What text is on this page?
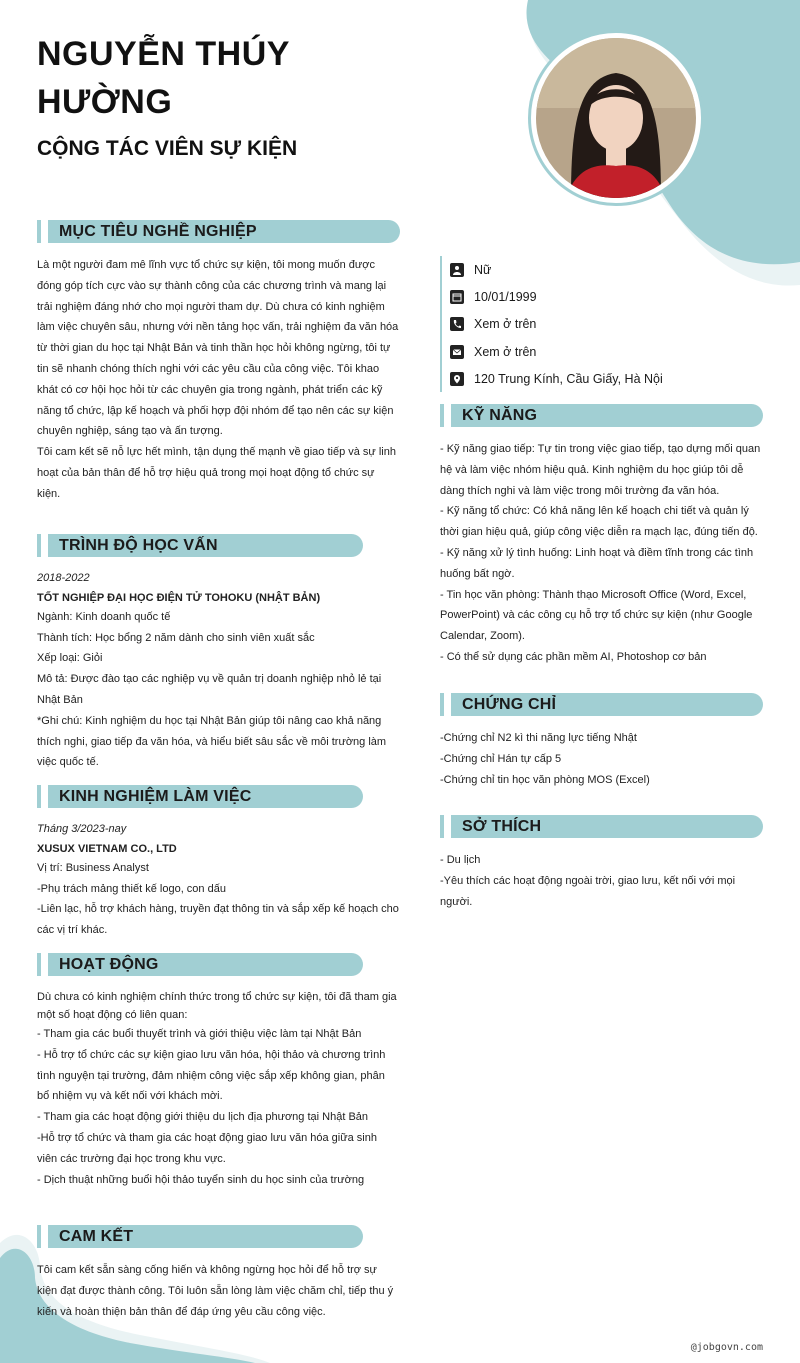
NGUYỄN THÚY
HƯỜNG
CỘNG TÁC VIÊN SỰ KIỆN
Nữ
10/01/1999
Xem ở trên
Xem ở trên
120 Trung Kính, Cầu Giấy, Hà Nội
MỤC TIÊU NGHỀ NGHIỆP
Là một người đam mê lĩnh vực tổ chức sự kiện, tôi mong muốn được
đóng góp tích cực vào sự thành công của các chương trình và mang lại
trải nghiệm đáng nhớ cho mọi người tham dự. Dù chưa có kinh nghiệm
làm việc chuyên sâu, nhưng với nền tảng học vấn, trải nghiệm đa văn hóa
từ thời gian du học tại Nhật Bản và tinh thần học hỏi không ngừng, tôi tự
tin sẽ nhanh chóng thích nghi với các yêu cầu của công việc. Tôi khao
khát có cơ hội học hỏi từ các chuyên gia trong ngành, phát triển các kỹ
năng tổ chức, lập kế hoạch và phối hợp đội nhóm để tạo nên các sự kiện
chuyên nghiệp, sáng tạo và ấn tượng.
Tôi cam kết sẽ nỗ lực hết mình, tận dụng thế mạnh về giao tiếp và sự linh
hoạt của bản thân để hỗ trợ hiệu quả trong mọi hoạt động tổ chức sự
kiện.
TRÌNH ĐỘ HỌC VẤN
2018-2022
TỐT NGHIỆP ĐẠI HỌC ĐIỆN TỬ TOHOKU (NHẬT BẢN)
Ngành: Kinh doanh quốc tế
Thành tích: Học bổng 2 năm dành cho sinh viên xuất sắc
Xếp loại: Giỏi
Mô tả: Được đào tạo các nghiệp vụ về quản trị doanh nghiệp nhỏ lẻ tại
Nhật Bản
*Ghi chú: Kinh nghiệm du học tại Nhật Bản giúp tôi nâng cao khả năng
thích nghi, giao tiếp đa văn hóa, và hiểu biết sâu sắc về môi trường làm
việc quốc tế.
KINH NGHIỆM LÀM VIỆC
Tháng 3/2023-nay
XUSUX VIETNAM CO., LTD
Vị trí: Business Analyst
-Phụ trách mảng thiết kế logo, con dấu
-Liên lạc, hỗ trợ khách hàng, truyền đạt thông tin và sắp xếp kế hoạch cho
các vị trí khác.
HOẠT ĐỘNG
Dù chưa có kinh nghiệm chính thức trong tổ chức sự kiện, tôi đã tham gia
một số hoạt động có liên quan:
- Tham gia các buổi thuyết trình và giới thiệu việc làm tại Nhật Bản
- Hỗ trợ tổ chức các sự kiện giao lưu văn hóa, hội thảo và chương trình
tình nguyện tại trường, đảm nhiệm công việc sắp xếp không gian, phân
bổ nhiệm vụ và kết nối với khách mời.
- Tham gia các hoạt động giới thiệu du lịch địa phương tại Nhật Bản
-Hỗ trợ tổ chức và tham gia các hoạt động giao lưu văn hóa giữa sinh
viên các trường đại học trong khu vực.
- Dịch thuật những buổi hội thảo tuyển sinh du học sinh của trường
CAM KẾT
Tôi cam kết sẵn sàng cống hiến và không ngừng học hỏi để hỗ trợ sự
kiện đạt được thành công. Tôi luôn sẵn lòng làm việc chăm chỉ, tiếp thu ý
kiến và hoàn thiện bản thân để đáp ứng yêu cầu công việc.
KỸ NĂNG
- Kỹ năng giao tiếp: Tự tin trong việc giao tiếp, tạo dựng mối quan
hệ và làm việc nhóm hiệu quả. Kinh nghiệm du học giúp tôi dễ
dàng thích nghi và làm việc trong môi trường đa văn hóa.
- Kỹ năng tổ chức: Có khả năng lên kế hoạch chi tiết và quản lý
thời gian hiệu quả, giúp công việc diễn ra mạch lạc, đúng tiến độ.
- Kỹ năng xử lý tình huống: Linh hoạt và điềm tĩnh trong các tình
huống bất ngờ.
- Tin học văn phòng: Thành thạo Microsoft Office (Word, Excel,
PowerPoint) và các công cụ hỗ trợ tổ chức sự kiện (như Google
Calendar, Zoom).
- Có thể sử dụng các phần mềm AI, Photoshop cơ bản
CHỨNG CHỈ
-Chứng chỉ N2 kì thi năng lực tiếng Nhật
-Chứng chỉ Hán tự cấp 5
-Chứng chỉ tin học văn phòng MOS (Excel)
SỞ THÍCH
- Du lịch
-Yêu thích các hoạt động ngoài trời, giao lưu, kết nối với mọi
người.
@jobgovn.com
